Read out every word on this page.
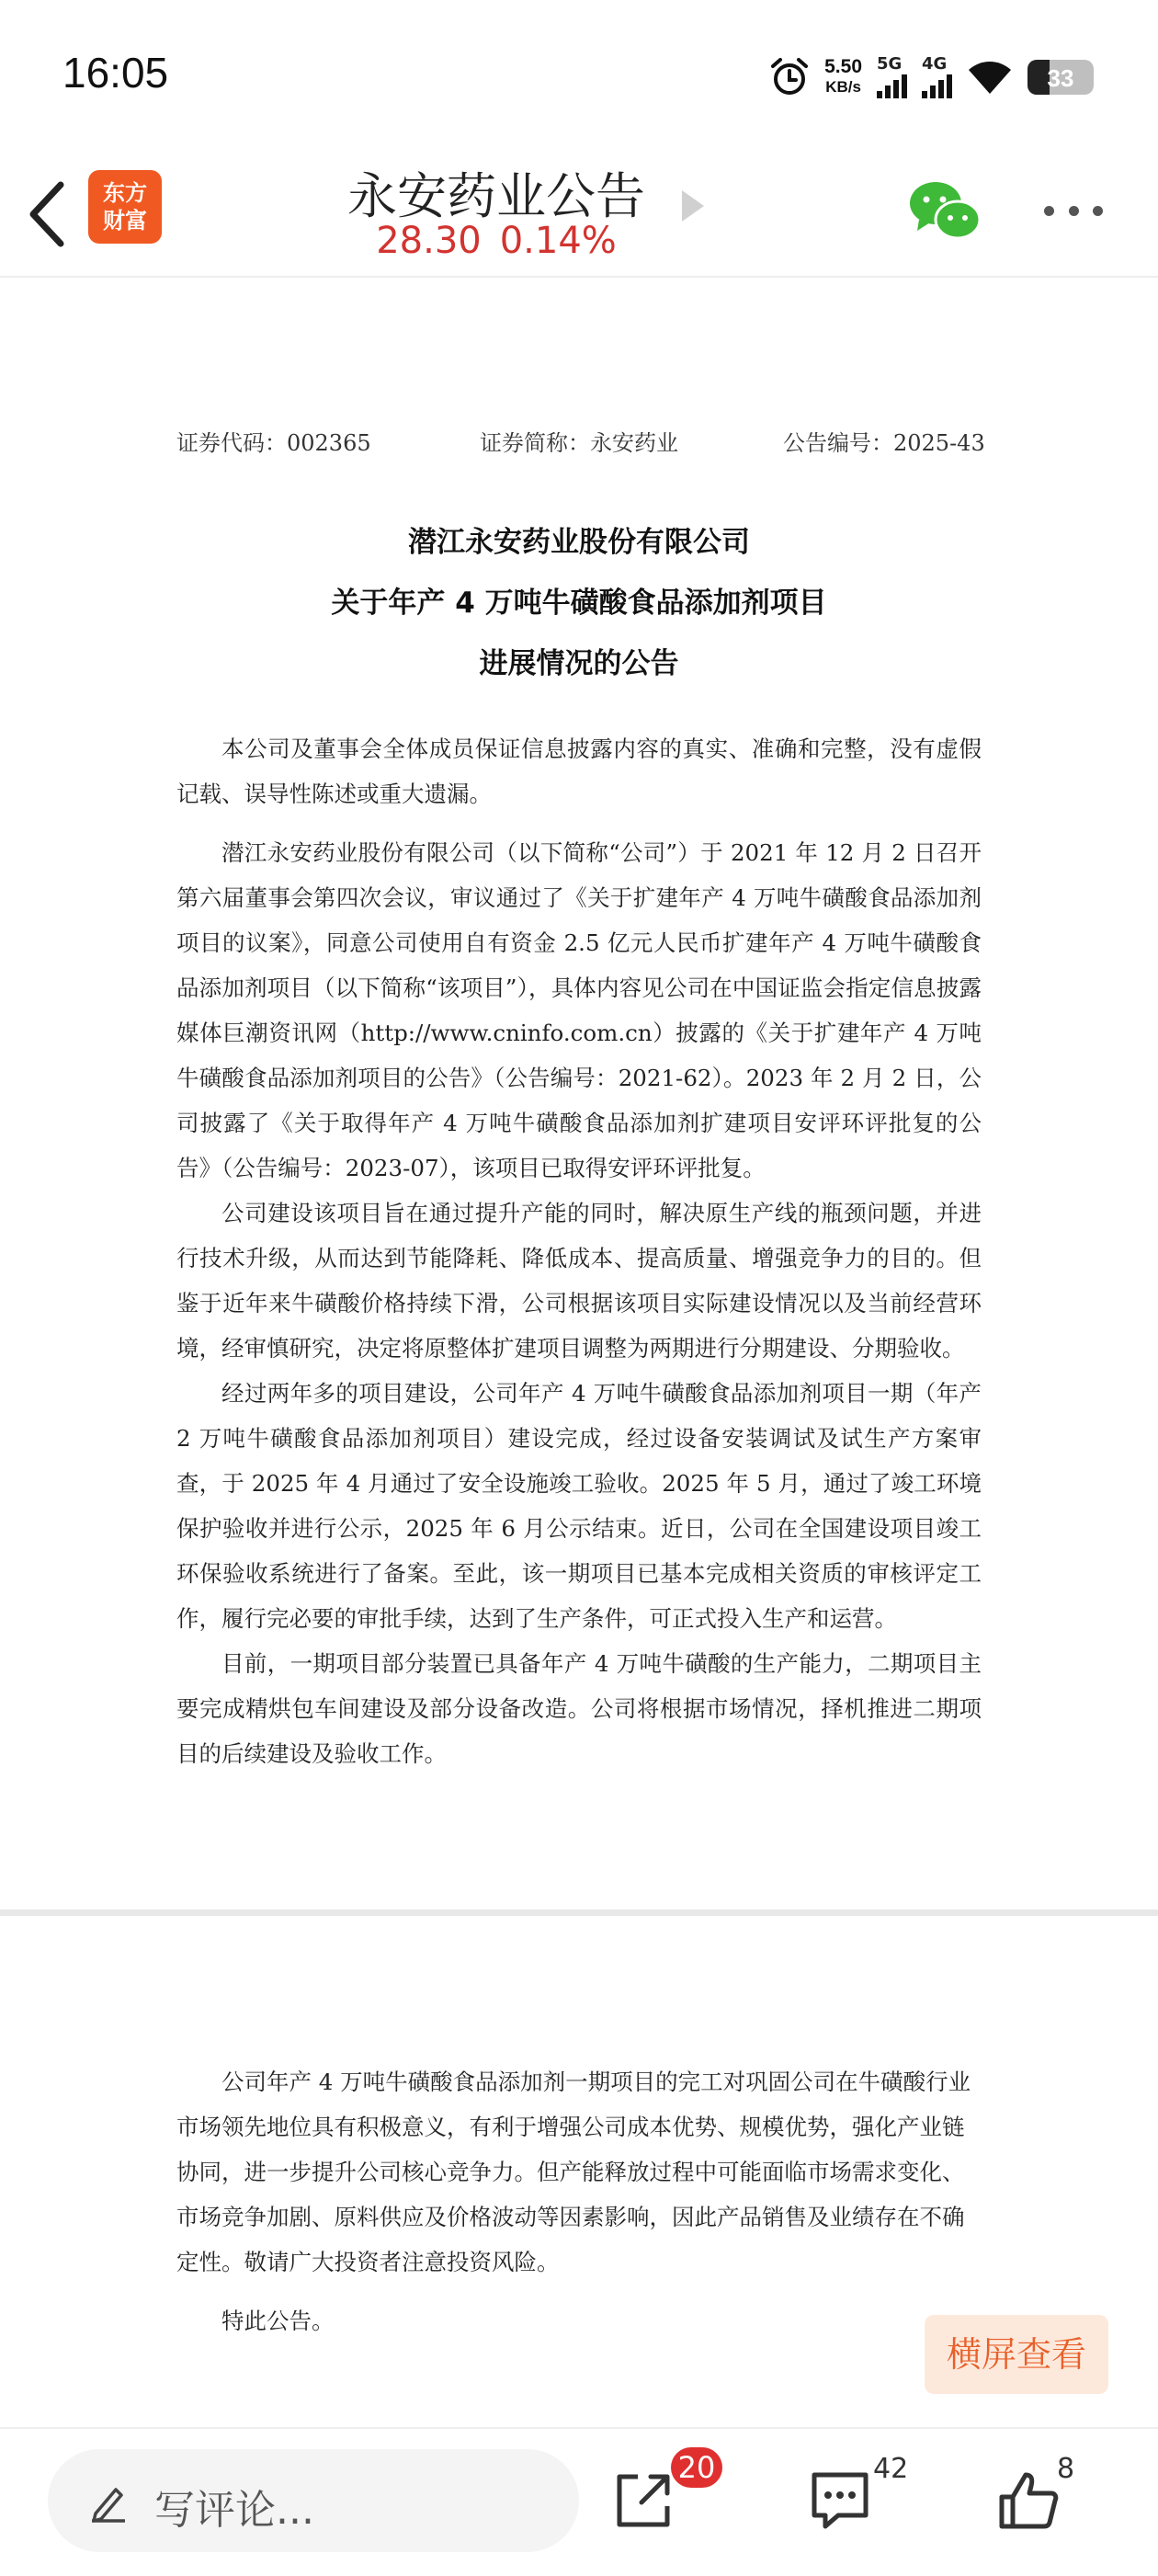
16:05	5.50
KB/s
5G 4G
33
东方
财富	永安药业公告
28.30 0.14%
证券代码：002365	证券简称：永安药业	公告编号：2025-43
潜江永安药业股份有限公司
关于年产 4 万吨牛磺酸食品添加剂项目
进展情况的公告

本公司及董事会全体成员保证信息披露内容的真实、准确和完整，没有虚假记载、误导性陈述或重大遗漏。

潜江永安药业股份有限公司（以下简称“公司”）于 2021 年 12 月 2 日召开第六届董事会第四次会议，审议通过了《关于扩建年产 4 万吨牛磺酸食品添加剂项目的议案》，同意公司使用自有资金 2.5 亿元人民币扩建年产 4 万吨牛磺酸食品添加剂项目（以下简称“该项目”），具体内容见公司在中国证监会指定信息披露媒体巨潮资讯网（http://www.cninfo.com.cn）披露的《关于扩建年产 4 万吨牛磺酸食品添加剂项目的公告》（公告编号：2021-62）。2023 年 2 月 2 日，公司披露了《关于取得年产 4 万吨牛磺酸食品添加剂扩建项目安评环评批复的公告》（公告编号：2023-07），该项目已取得安评环评批复。

公司建设该项目旨在通过提升产能的同时，解决原生产线的瓶颈问题，并进行技术升级，从而达到节能降耗、降低成本、提高质量、增强竞争力的目的。但鉴于近年来牛磺酸价格持续下滑，公司根据该项目实际建设情况以及当前经营环境，经审慎研究，决定将原整体扩建项目调整为两期进行分期建设、分期验收。

经过两年多的项目建设，公司年产 4 万吨牛磺酸食品添加剂项目一期（年产 2 万吨牛磺酸食品添加剂项目）建设完成，经过设备安装调试及试生产方案审查，于 2025 年 4 月通过了安全设施竣工验收。2025 年 5 月，通过了竣工环境保护验收并进行公示，2025 年 6 月公示结束。近日，公司在全国建设项目竣工环保验收系统进行了备案。至此，该一期项目已基本完成相关资质的审核评定工作，履行完必要的审批手续，达到了生产条件，可正式投入生产和运营。

目前，一期项目部分装置已具备年产 4 万吨牛磺酸的生产能力，二期项目主要完成精烘包车间建设及部分设备改造。公司将根据市场情况，择机推进二期项目的后续建设及验收工作。

公司年产 4 万吨牛磺酸食品添加剂一期项目的完工对巩固公司在牛磺酸行业市场领先地位具有积极意义，有利于增强公司成本优势、规模优势，强化产业链协同，进一步提升公司核心竞争力。但产能释放过程中可能面临市场需求变化、市场竞争加剧、原料供应及价格波动等因素影响，因此产品销售及业绩存在不确定性。敬请广大投资者注意投资风险。
特此公告。
横屏查看
写评论...
20	42	8
